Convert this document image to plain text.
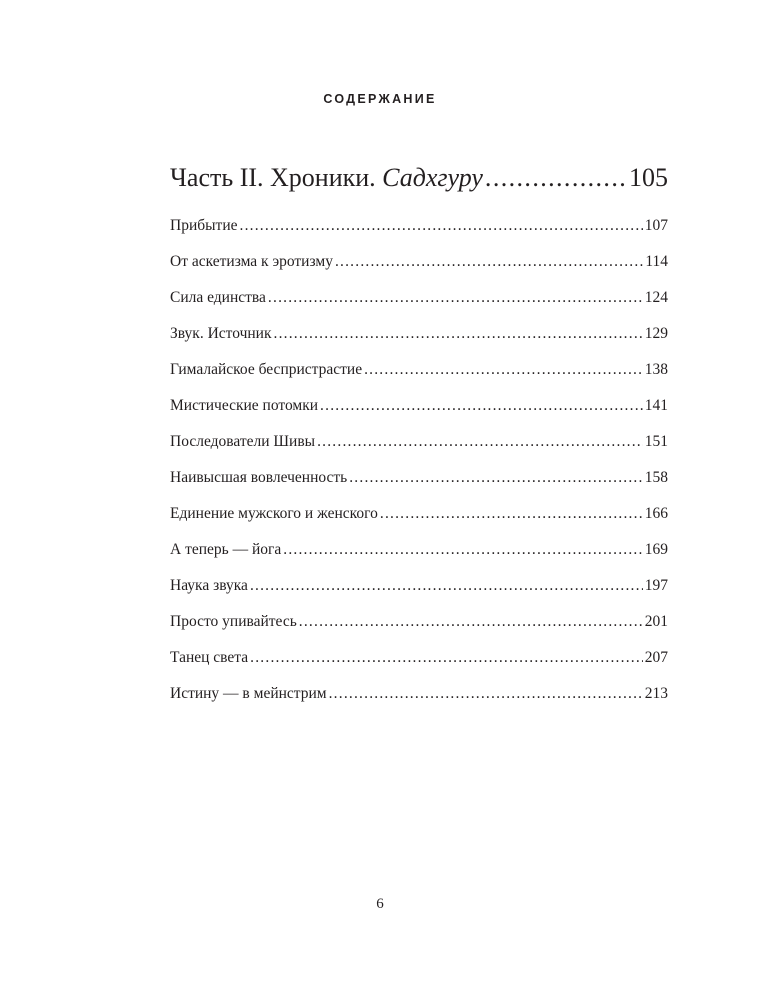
СОДЕРЖАНИЕ
Часть II. Хроники. Садхгуру .....	105
Прибытие .....	107
От аскетизма к эротизму .....	114
Сила единства .....	124
Звук. Источник .....	129
Гималайское беспристрастие .....	138
Мистические потомки .....	141
Последователи Шивы .....	151
Наивысшая вовлеченность .....	158
Единение мужского и женского .....	166
А теперь — йога .....	169
Наука звука .....	197
Просто упивайтесь .....	201
Танец света .....	207
Истину — в мейнстрим .....	213
6
